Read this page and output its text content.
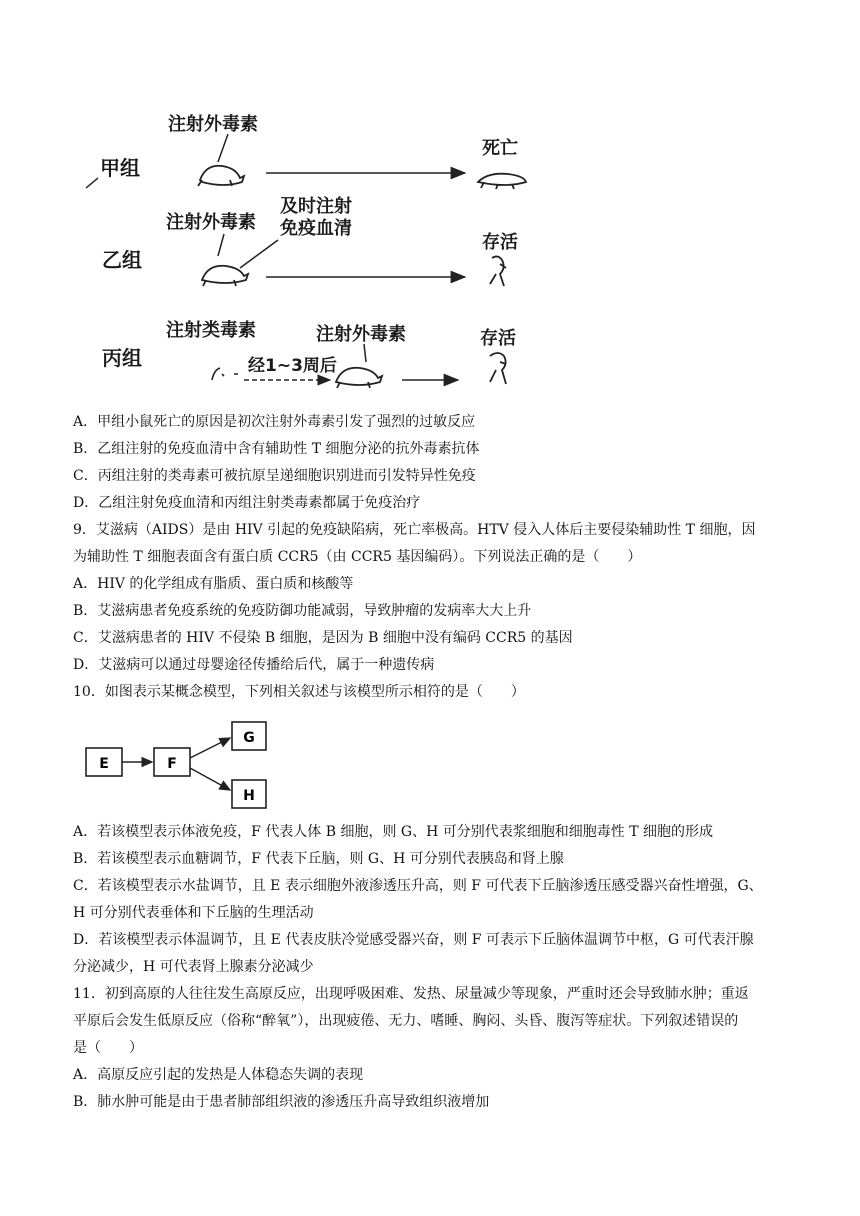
甲组
注射外毒素
死亡
乙组
注射外毒素
及时注射
免疫血清
存活
丙组
注射类毒素
经1~3周后
注射外毒素	存活
A．甲组小鼠死亡的原因是初次注射外毒素引发了强烈的过敏反应
B．乙组注射的免疫血清中含有辅助性 T 细胞分泌的抗外毒素抗体
C．丙组注射的类毒素可被抗原呈递细胞识别进而引发特异性免疫
D．乙组注射免疫血清和丙组注射类毒素都属于免疫治疗
9．艾滋病（AIDS）是由 HIV 引起的免疫缺陷病，死亡率极高。HTV 侵入人体后主要侵染辅助性 T 细胞，因
为辅助性 T 细胞表面含有蛋白质 CCR5（由 CCR5 基因编码）。下列说法正确的是（　　）
A．HIV 的化学组成有脂质、蛋白质和核酸等
B．艾滋病患者免疫系统的免疫防御功能减弱，导致肿瘤的发病率大大上升
C．艾滋病患者的 HIV 不侵染 B 细胞，是因为 B 细胞中没有编码 CCR5 的基因
D．艾滋病可以通过母婴途径传播给后代，属于一种遗传病
10．如图表示某概念模型，下列相关叙述与该模型所示相符的是（　　）
E	F
G
H
A．若该模型表示体液免疫，F 代表人体 B 细胞，则 G、H 可分别代表浆细胞和细胞毒性 T 细胞的形成
B．若该模型表示血糖调节，F 代表下丘脑，则 G、H 可分别代表胰岛和肾上腺
C．若该模型表示水盐调节，且 E 表示细胞外液渗透压升高，则 F 可代表下丘脑渗透压感受器兴奋性增强，G、
H 可分别代表垂体和下丘脑的生理活动
D．若该模型表示体温调节，且 E 代表皮肤冷觉感受器兴奋，则 F 可表示下丘脑体温调节中枢，G 可代表汗腺
分泌减少，H 可代表肾上腺素分泌减少
11．初到高原的人往往发生高原反应，出现呼吸困难、发热、尿量减少等现象，严重时还会导致肺水肿；重返
平原后会发生低原反应（俗称“醉氧”），出现疲倦、无力、嗜睡、胸闷、头昏、腹泻等症状。下列叙述错误的
是（　　）
A．高原反应引起的发热是人体稳态失调的表现
B．肺水肿可能是由于患者肺部组织液的渗透压升高导致组织液增加
